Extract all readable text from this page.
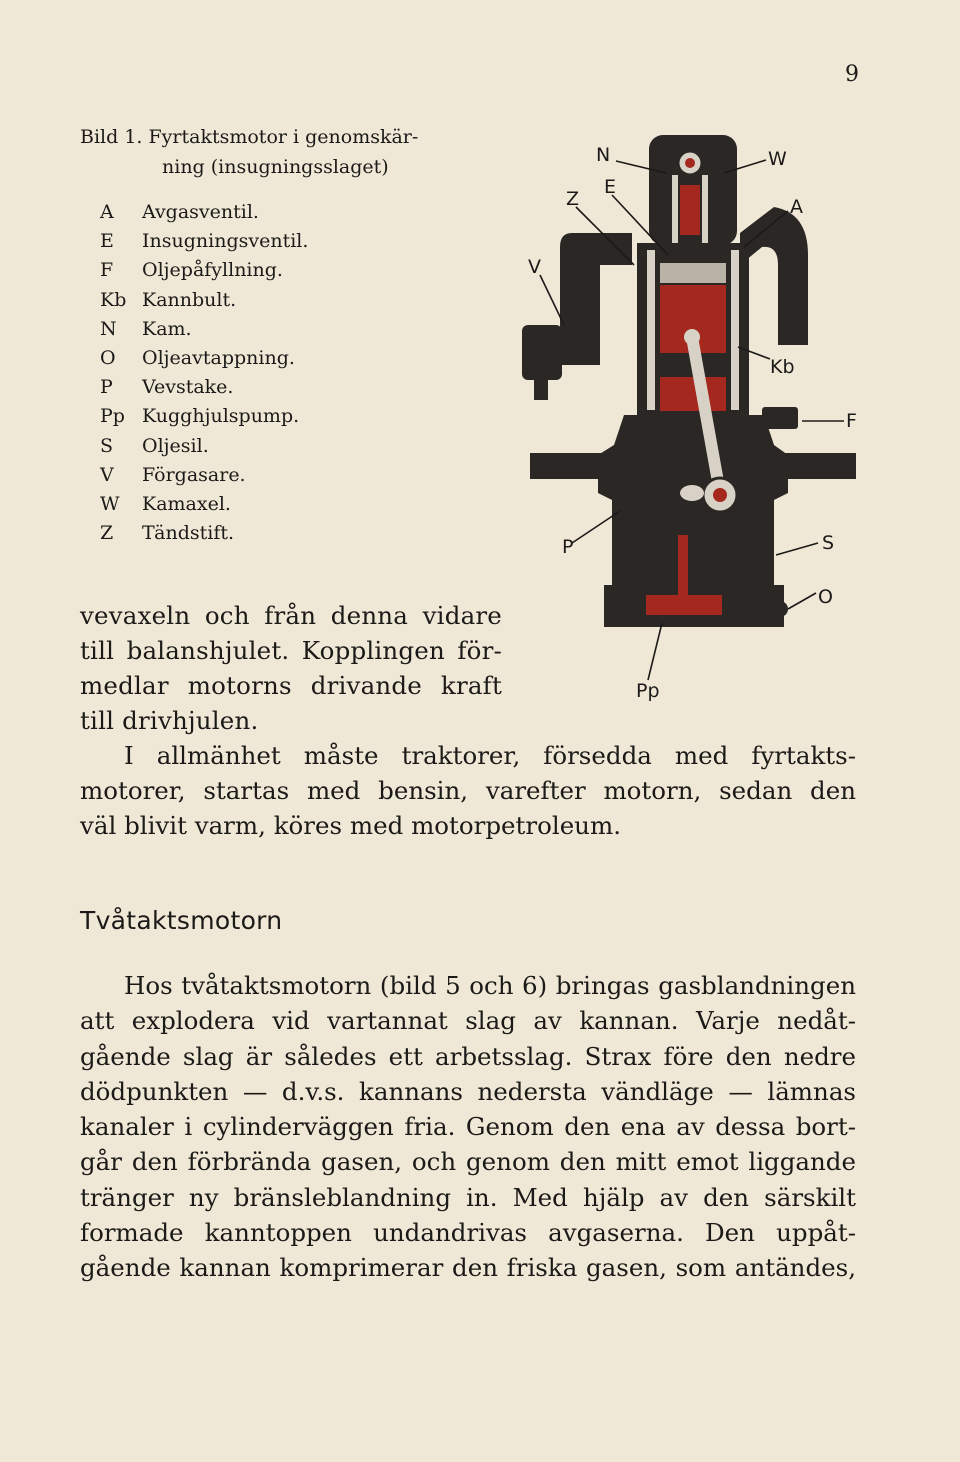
9
Bild 1. Fyrtaktsmotor i genomskär-
ning (insugningsslaget)
A	Avgasventil.
E	Insugningsventil.
F	Oljepåfyllning.
Kb Kannbult.
N	Kam.
O	Oljeavtappning.
P	Vevstake.
Pp Kugghjulspump.
S	Oljesil.
V	Förgasare.
W	Kamaxel.
Z	Tändstift.
N	W
Z
E
A
V
Kb
F
P	S
O
Pp
vevaxeln och från denna vidare
till balanshjulet. Kopplingen för-
medlar motorns drivande kraft
till drivhjulen.
I allmänhet måste traktorer, försedda med fyrtakts-
motorer, startas med bensin, varefter motorn, sedan den
väl blivit varm, köres med motorpetroleum.
Tvåtaktsmotorn
Hos tvåtaktsmotorn (bild 5 och 6) bringas gasblandningen
att explodera vid vartannat slag av kannan. Varje nedåt-
gående slag är således ett arbetsslag. Strax före den nedre
dödpunkten — d.v.s. kannans nedersta vändläge — lämnas
kanaler i cylinderväggen fria. Genom den ena av dessa bort-
går den förbrända gasen, och genom den mitt emot liggande
tränger ny bränsleblandning in. Med hjälp av den särskilt
formade kanntoppen undandrivas avgaserna. Den uppåt-
gående kannan komprimerar den friska gasen, som antändes,
